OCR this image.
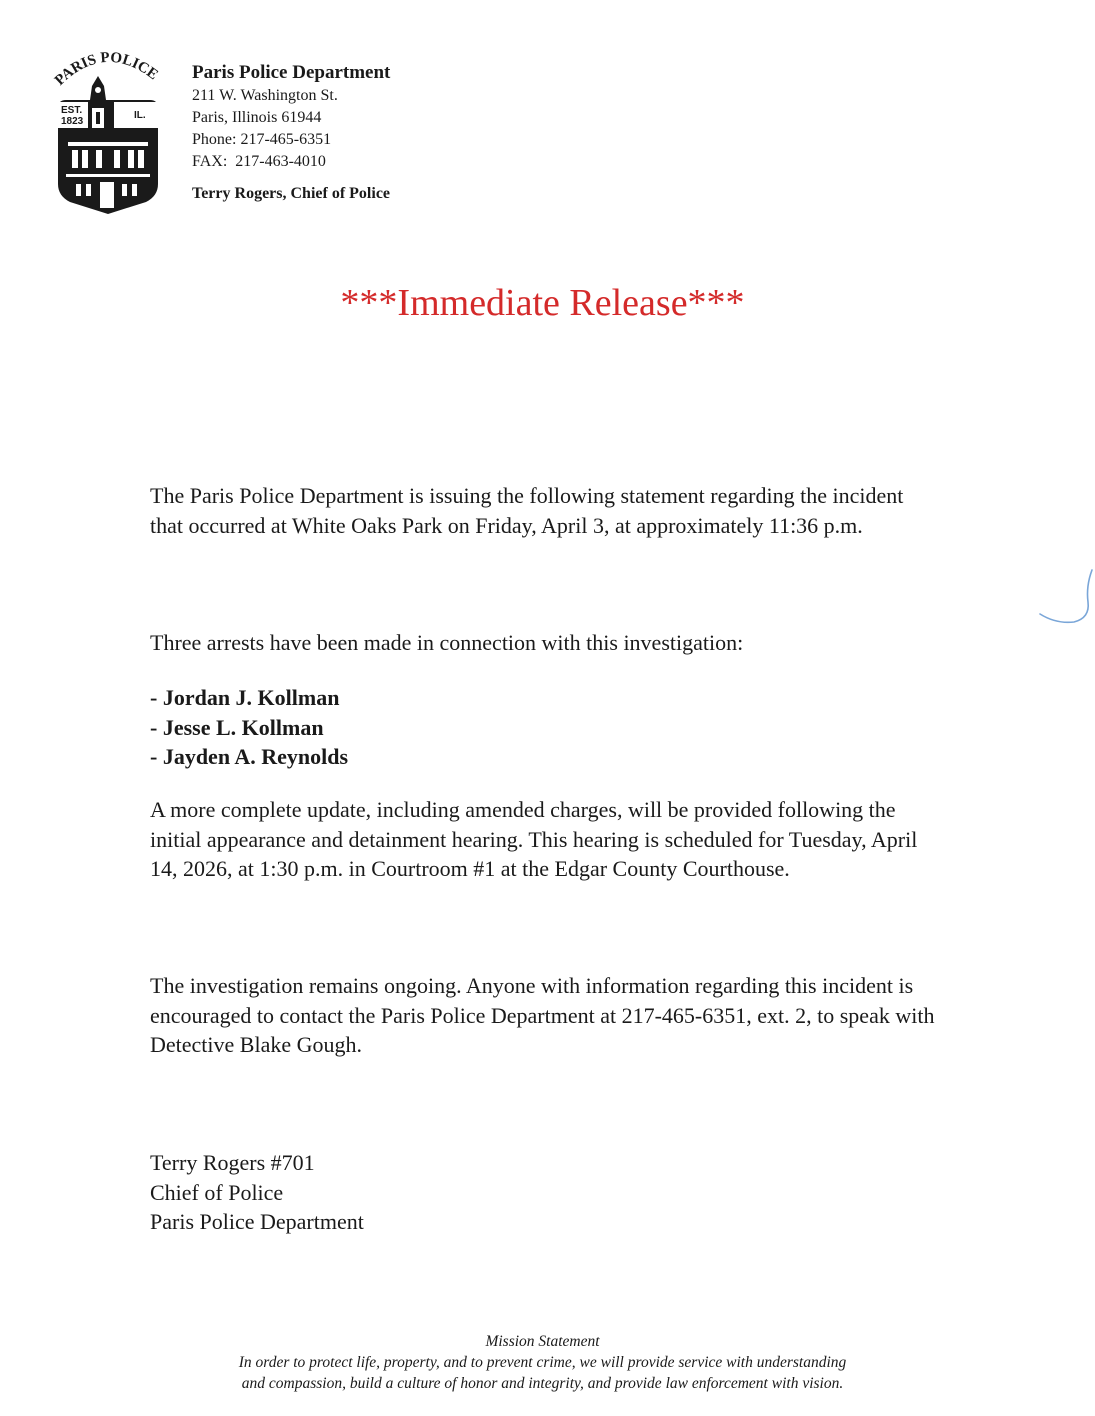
PARIS POLICE
EST.
1823
IL.
Paris Police Department
211 W. Washington St.
Paris, Illinois 61944
Phone: 217-465-6351
FAX:  217-463-4010
Terry Rogers, Chief of Police
***Immediate Release***

The Paris Police Department is issuing the following statement regarding the incident that occurred at White Oaks Park on Friday, April 3, at approximately 11:36 p.m.

Three arrests have been made in connection with this investigation:

- Jordan J. Kollman
- Jesse L. Kollman
- Jayden A. Reynolds

A more complete update, including amended charges, will be provided following the initial appearance and detainment hearing. This hearing is scheduled for Tuesday, April 14, 2026, at 1:30 p.m. in Courtroom #1 at the Edgar County Courthouse.

The investigation remains ongoing. Anyone with information regarding this incident is encouraged to contact the Paris Police Department at 217-465-6351, ext. 2, to speak with Detective Blake Gough.

Terry Rogers #701
Chief of Police
Paris Police Department
Mission Statement
In order to protect life, property, and to prevent crime, we will provide service with understanding
and compassion, build a culture of honor and integrity, and provide law enforcement with vision.
